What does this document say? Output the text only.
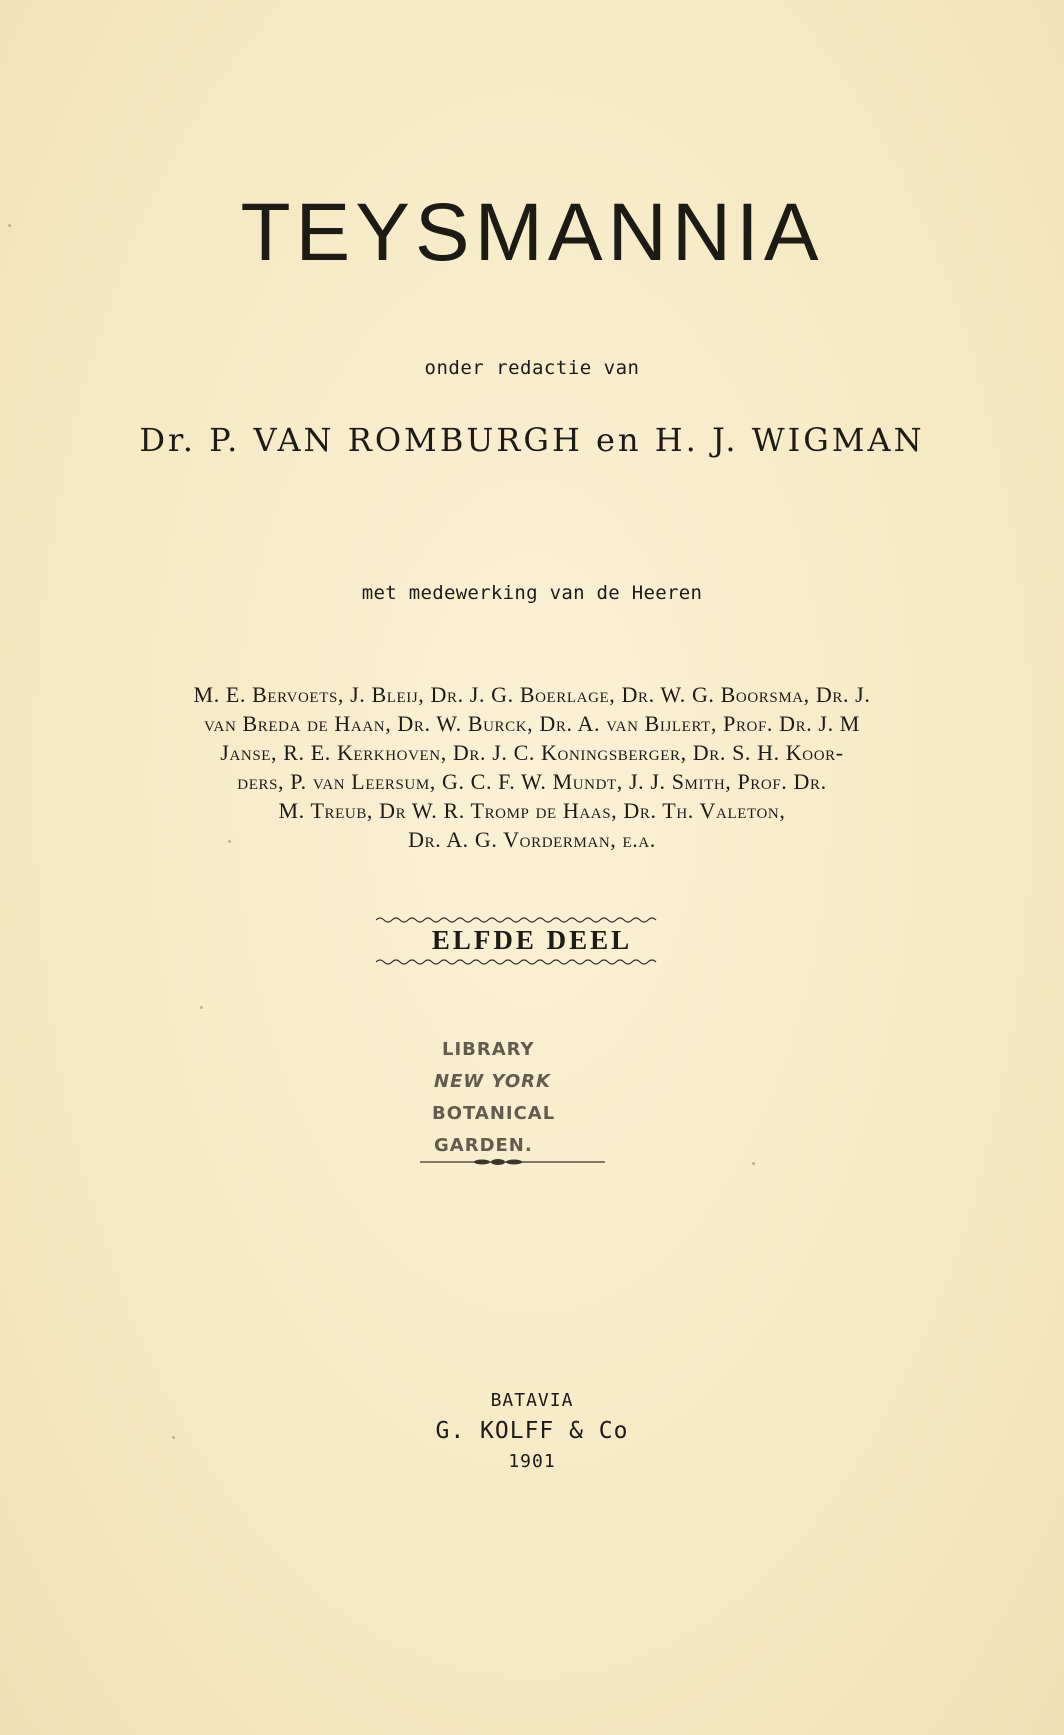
TEYSMANNIA
onder redactie van
Dr. P. VAN ROMBURGH en H. J. WIGMAN
met medewerking van de Heeren
M. E. Bervoets, J. Bleij, Dr. J. G. Boerlage, Dr. W. G. Boorsma, Dr. J.
van Breda de Haan, Dr. W. Burck, Dr. A. van Bijlert, Prof. Dr. J. M
Janse, R. E. Kerkhoven, Dr. J. C. Koningsberger, Dr. S. H. Koor-
ders, P. van Leersum, G. C. F. W. Mundt, J. J. Smith, Prof. Dr.
M. Treub, Dr W. R. Tromp de Haas, Dr. Th. Valeton,
Dr. A. G. Vorderman, e.a.
ELFDE DEEL
LIBRARY
NEW YORK
BOTANICAL
GARDEN.
BATAVIA
G. KOLFF & Co
1901
